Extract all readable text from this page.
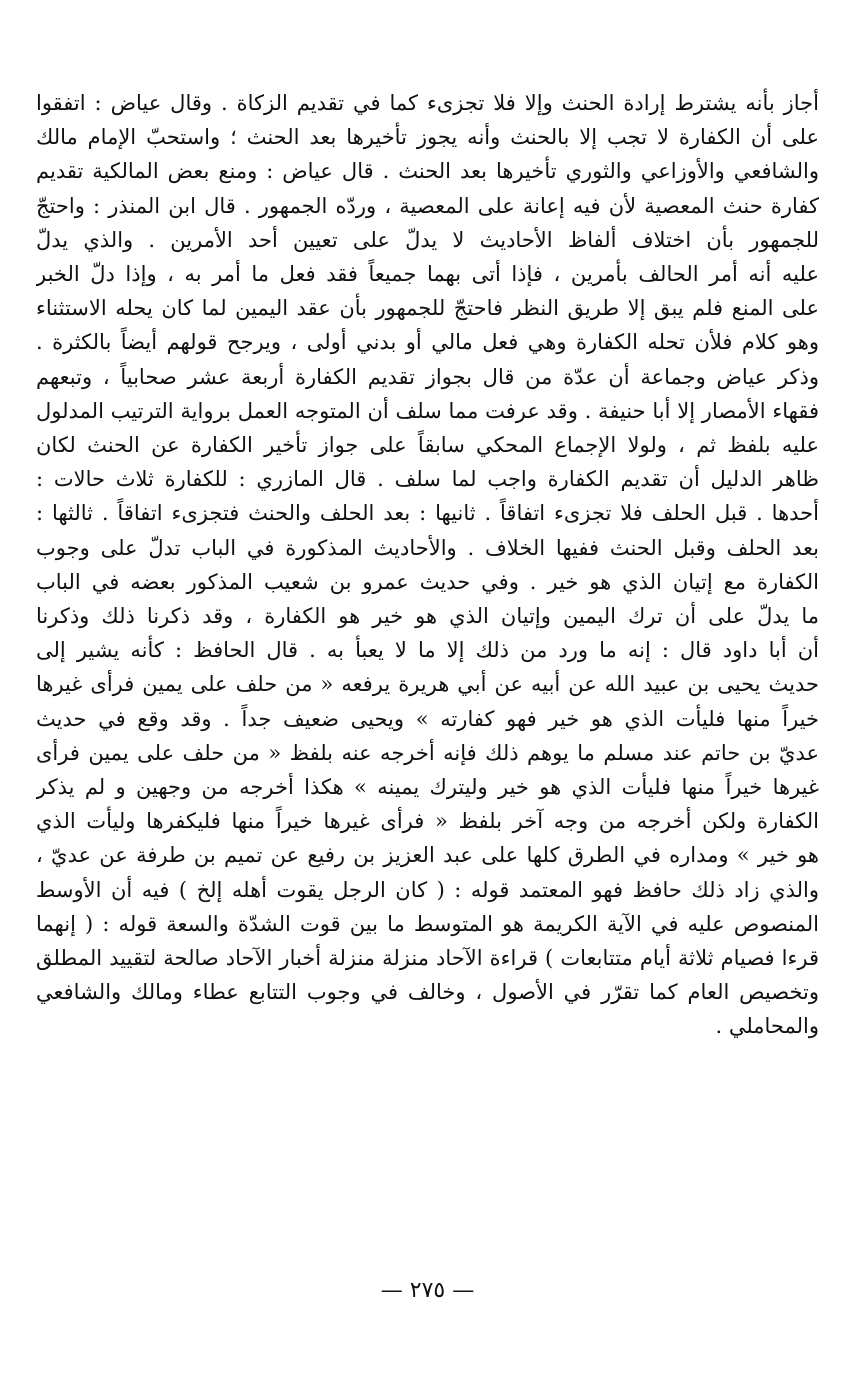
أجاز بأنه يشترط إرادة الحنث وإلا فلا تجزىء كما في تقديم الزكاة . وقال عياض : اتفقوا
على أن الكفارة لا تجب إلا بالحنث وأنه يجوز تأخيرها بعد الحنث ؛ واستحبّ الإمام مالك
والشافعي والأوزاعي والثوري تأخيرها بعد الحنث . قال عياض : ومنع بعض المالكية تقديم
كفارة حنث المعصية لأن فيه إعانة على المعصية ، وردّه الجمهور . قال ابن المنذر : واحتجّ
للجمهور بأن اختلاف ألفاظ الأحاديث لا يدلّ على تعيين أحد الأمرين . والذي يدلّ
عليه أنه أمر الحالف بأمرين ، فإذا أتى بهما جميعاً فقد فعل ما أمر به ، وإذا دلّ الخبر
على المنع فلم يبق إلا طريق النظر فاحتجّ للجمهور بأن عقد اليمين لما كان يحله الاستثناء
وهو كلام فلأن تحله الكفارة وهي فعل مالي أو بدني أولى ، ويرجح قولهم أيضاً بالكثرة .
وذكر عياض وجماعة أن عدّة من قال بجواز تقديم الكفارة أربعة عشر صحابياً ، وتبعهم
فقهاء الأمصار إلا أبا حنيفة . وقد عرفت مما سلف أن المتوجه العمل برواية الترتيب المدلول
عليه بلفظ ثم ، ولولا الإجماع المحكي سابقاً على جواز تأخير الكفارة عن الحنث لكان
ظاهر الدليل أن تقديم الكفارة واجب لما سلف . قال المازري : للكفارة ثلاث حالات :
أحدها . قبل الحلف فلا تجزىء اتفاقاً . ثانيها : بعد الحلف والحنث فتجزىء اتفاقاً . ثالثها :
بعد الحلف وقبل الحنث ففيها الخلاف . والأحاديث المذكورة في الباب تدلّ على وجوب
الكفارة مع إتيان الذي هو خير . وفي حديث عمرو بن شعيب المذكور بعضه في الباب
ما يدلّ على أن ترك اليمين وإتيان الذي هو خير هو الكفارة ، وقد ذكرنا ذلك وذكرنا
أن أبا داود قال : إنه ما ورد من ذلك إلا ما لا يعبأ به . قال الحافظ : كأنه يشير إلى
حديث يحيى بن عبيد الله عن أبيه عن أبي هريرة يرفعه « من حلف على يمين فرأى غيرها
خيراً منها فليأت الذي هو خير فهو كفارته » ويحيى ضعيف جداً . وقد وقع في حديث
عديّ بن حاتم عند مسلم ما يوهم ذلك فإنه أخرجه عنه بلفظ « من حلف على يمين فرأى
غيرها خيراً منها فليأت الذي هو خير وليترك يمينه » هكذا أخرجه من وجهين و لم يذكر
الكفارة ولكن أخرجه من وجه آخر بلفظ « فرأى غيرها خيراً منها فليكفرها وليأت الذي
هو خير » ومداره في الطرق كلها على عبد العزيز بن رفيع عن تميم بن طرفة عن عديّ ،
والذي زاد ذلك حافظ فهو المعتمد قوله : ( كان الرجل يقوت أهله إلخ ) فيه أن الأوسط
المنصوص عليه في الآية الكريمة هو المتوسط ما بين قوت الشدّة والسعة قوله : ( إنهما
قرءا فصيام ثلاثة أيام متتابعات ) قراءة الآحاد منزلة منزلة أخبار الآحاد صالحة لتقييد المطلق
وتخصيص العام كما تقرّر في الأصول ، وخالف في وجوب التتابع عطاء ومالك والشافعي
والمحاملي .
— ٢٧٥ —
